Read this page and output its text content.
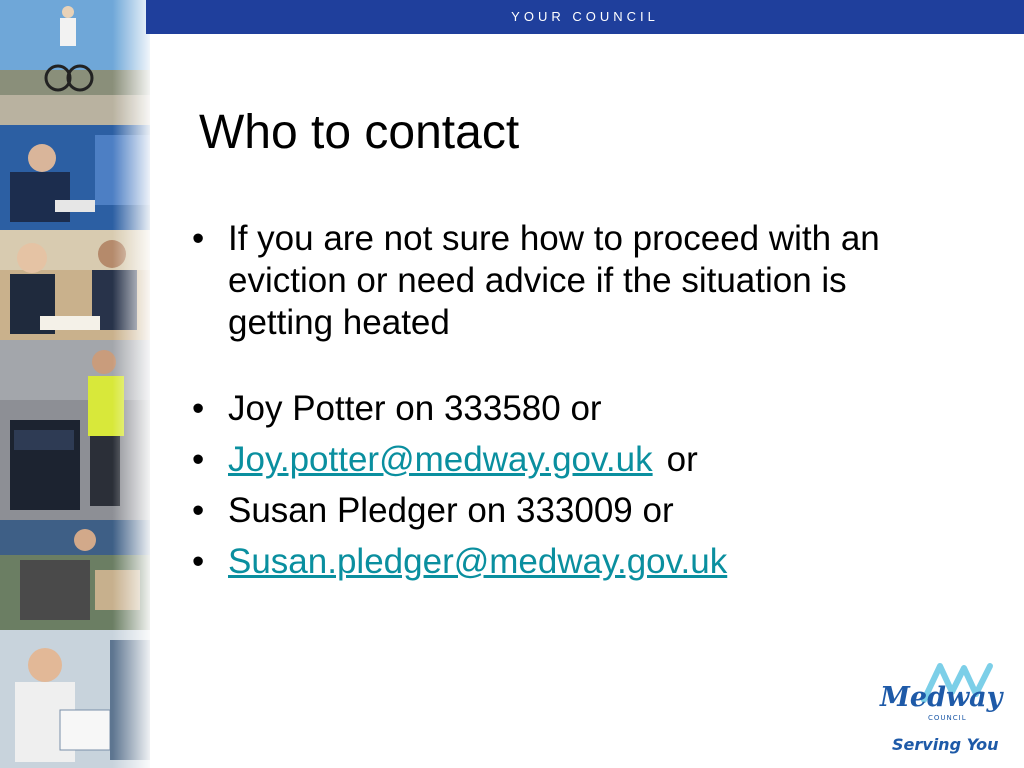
YOUR COUNCIL
Who to contact

• If you are not sure how to proceed with an eviction or need advice if the situation is getting heated

• Joy Potter on 333580 or

• Joy.potter@medway.gov.uk or

• Susan Pledger on 333009 or

• Susan.pledger@medway.gov.uk

Medway
COUNCIL
Serving You
